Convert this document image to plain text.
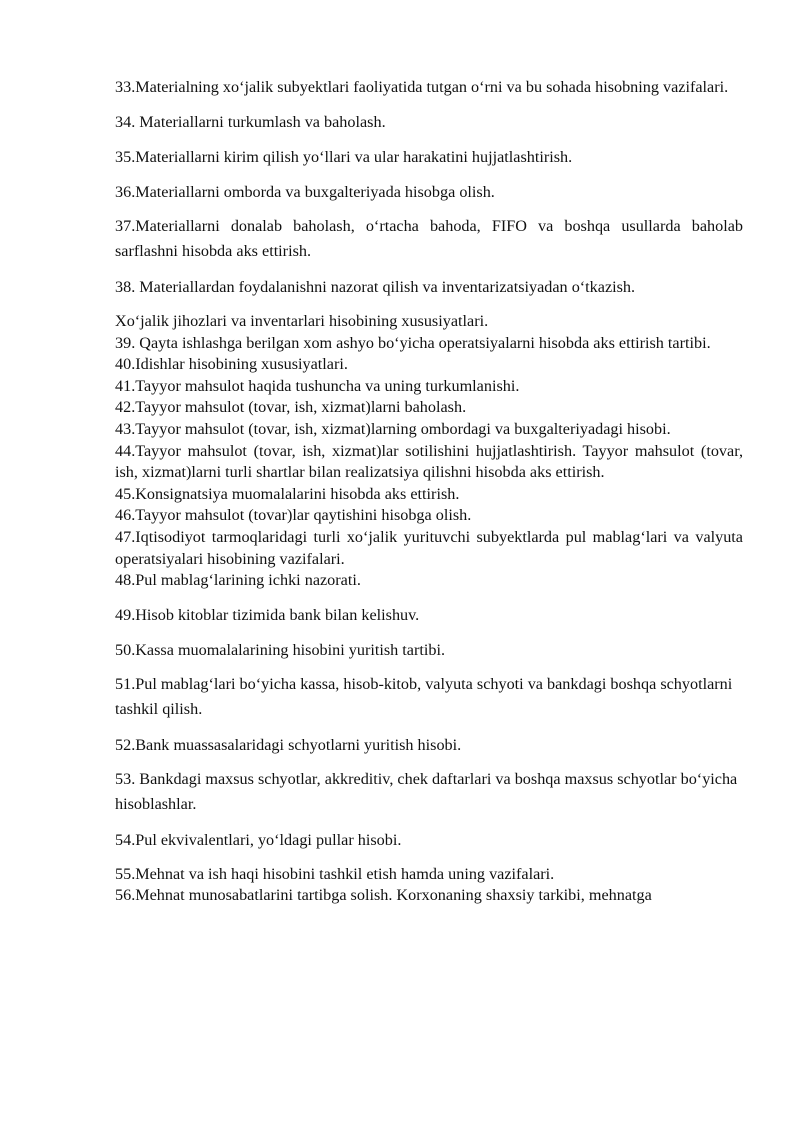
33.Materialning xoʻjalik subyektlari faoliyatida tutgan oʻrni va bu sohada hisobning vazifalari.

34. Materiallarni turkumlash va baholash.

35.Materiallarni kirim qilish yoʻllari va ular harakatini hujjatlashtirish.

36.Materiallarni omborda va buxgalteriyada hisobga olish.

37.Materiallarni donalab baholash, oʻrtacha bahoda, FIFO va boshqa usullarda baholab sarflashni hisobda aks ettirish.

38. Materiallardan foydalanishni nazorat qilish va inventarizatsiyadan oʻtkazish.

Xoʻjalik jihozlari va inventarlari hisobining xususiyatlari.

39. Qayta ishlashga berilgan xom ashyo boʻyicha operatsiyalarni hisobda aks ettirish tartibi.

40.Idishlar hisobining xususiyatlari.

41.Tayyor mahsulot haqida tushuncha va uning turkumlanishi.

42.Tayyor mahsulot (tovar, ish, xizmat)larni baholash.

43.Tayyor mahsulot (tovar, ish, xizmat)larning ombordagi va buxgalteriyadagi hisobi.

44.Tayyor mahsulot (tovar, ish, xizmat)lar sotilishini hujjatlashtirish. Tayyor mahsulot (tovar, ish, xizmat)larni turli shartlar bilan realizatsiya qilishni hisobda aks ettirish.

45.Konsignatsiya muomalalarini hisobda aks ettirish.

46.Tayyor mahsulot (tovar)lar qaytishini hisobga olish.

47.Iqtisodiyot tarmoqlaridagi turli xoʻjalik yurituvchi subyektlarda pul mablagʻlari va valyuta operatsiyalari hisobining vazifalari.

48.Pul mablagʻlarining ichki nazorati.

49.Hisob kitoblar tizimida bank bilan kelishuv.

50.Kassa muomalalarining hisobini yuritish tartibi.

51.Pul mablagʻlari boʻyicha kassa, hisob-kitob, valyuta schyoti va bankdagi boshqa schyotlarni tashkil qilish.

52.Bank muassasalaridagi schyotlarni yuritish hisobi.

53. Bankdagi maxsus schyotlar, akkreditiv, chek daftarlari va boshqa maxsus schyotlar boʻyicha hisoblashlar.

54.Pul ekvivalentlari, yoʻldagi pullar hisobi.

55.Mehnat va ish haqi hisobini tashkil etish hamda uning vazifalari.

56.Mehnat munosabatlarini tartibga solish. Korxonaning shaxsiy tarkibi, mehnatga
